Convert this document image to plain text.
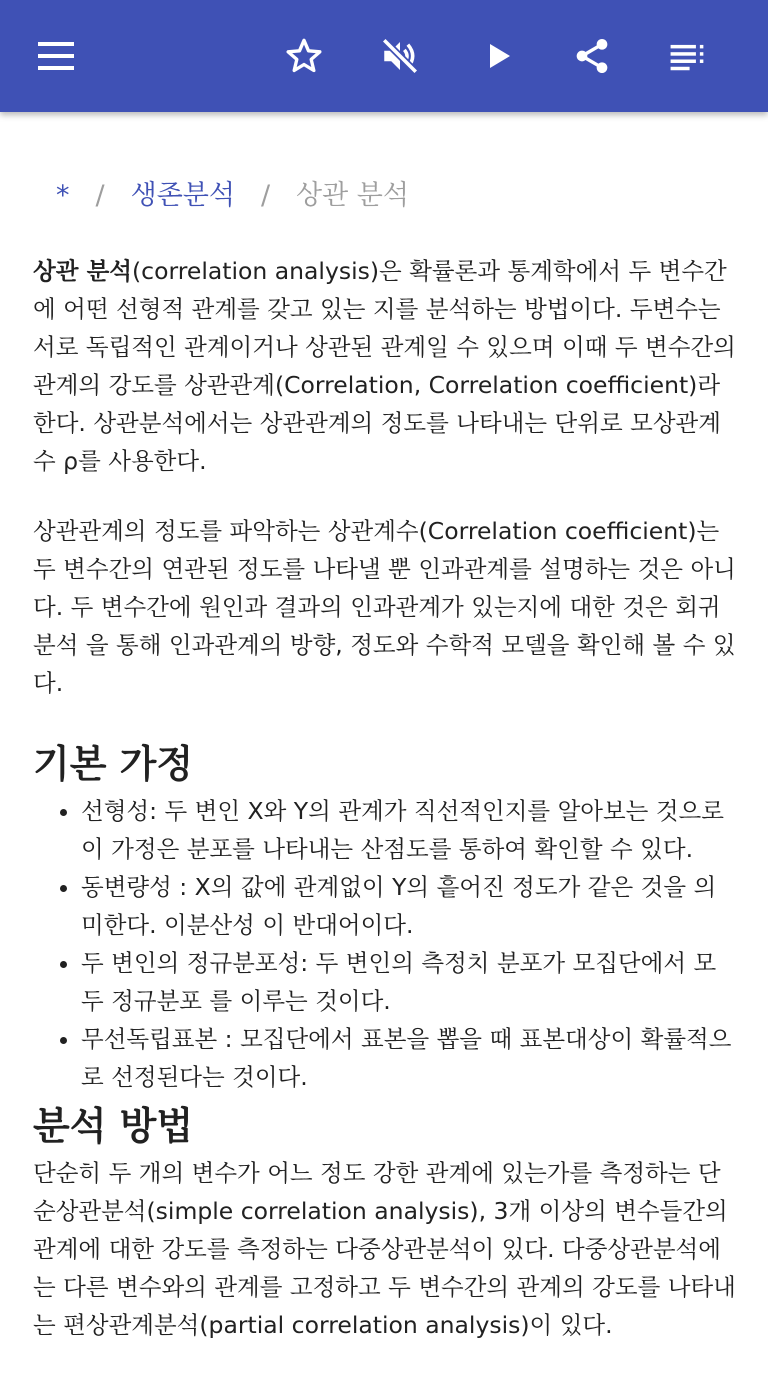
* / 생존분석 / 상관 분석

상관 분석(correlation analysis)은 확률론과 통계학에서 두 변수간에 어떤 선형적 관계를 갖고 있는 지를 분석하는 방법이다. 두변수는 서로 독립적인 관계이거나 상관된 관계일 수 있으며 이때 두 변수간의 관계의 강도를 상관관계(Correlation, Correlation coefficient)라 한다. 상관분석에서는 상관관계의 정도를 나타내는 단위로 모상관계수 ρ를 사용한다.

상관관계의 정도를 파악하는 상관계수(Correlation coefficient)는 두 변수간의 연관된 정도를 나타낼 뿐 인과관계를 설명하는 것은 아니다. 두 변수간에 원인과 결과의 인과관계가 있는지에 대한 것은 회귀분석 을 통해 인과관계의 방향, 정도와 수학적 모델을 확인해 볼 수 있다.

기본 가정
• 선형성: 두 변인 X와 Y의 관계가 직선적인지를 알아보는 것으로 이 가정은 분포를 나타내는 산점도를 통하여 확인할 수 있다.
• 동변량성 : X의 값에 관계없이 Y의 흩어진 정도가 같은 것을 의미한다. 이분산성 이 반대어이다.
• 두 변인의 정규분포성: 두 변인의 측정치 분포가 모집단에서 모두 정규분포 를 이루는 것이다.
• 무선독립표본 : 모집단에서 표본을 뽑을 때 표본대상이 확률적으로 선정된다는 것이다.
분석 방법

단순히 두 개의 변수가 어느 정도 강한 관계에 있는가를 측정하는 단순상관분석(simple correlation analysis), 3개 이상의 변수들간의 관계에 대한 강도를 측정하는 다중상관분석이 있다. 다중상관분석에는 다른 변수와의 관계를 고정하고 두 변수간의 관계의 강도를 나타내는 편상관계분석(partial correlation analysis)이 있다.
